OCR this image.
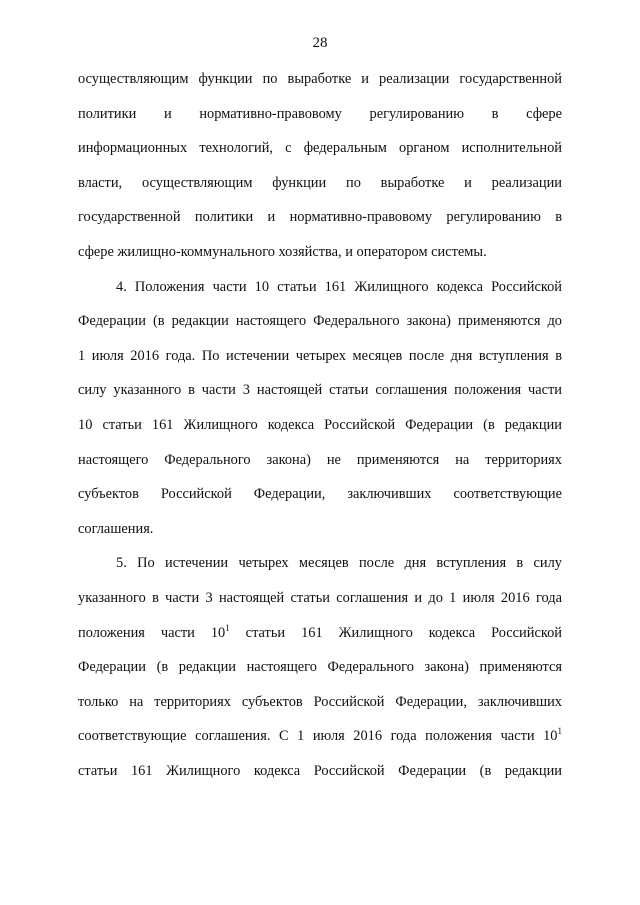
28
осуществляющим функции по выработке и реализации государственной
политики и нормативно-правовому регулированию в сфере
информационных технологий, с федеральным органом исполнительной
власти, осуществляющим функции по выработке и реализации
государственной политики и нормативно-правовому регулированию в
сфере жилищно-коммунального хозяйства, и оператором системы.
4. Положения части 10 статьи 161 Жилищного кодекса Российской
Федерации (в редакции настоящего Федерального закона) применяются до
1 июля 2016 года. По истечении четырех месяцев после дня вступления в
силу указанного в части 3 настоящей статьи соглашения положения части
10 статьи 161 Жилищного кодекса Российской Федерации (в редакции
настоящего Федерального закона) не применяются на территориях
субъектов Российской Федерации, заключивших соответствующие
соглашения.
5. По истечении четырех месяцев после дня вступления в силу
указанного в части 3 настоящей статьи соглашения и до 1 июля 2016 года
положения части $10^1$ статьи 161 Жилищного кодекса Российской
Федерации (в редакции настоящего Федерального закона) применяются
только на территориях субъектов Российской Федерации, заключивших
соответствующие соглашения. С 1 июля 2016 года положения части $10^1$
статьи 161 Жилищного кодекса Российской Федерации (в редакции
